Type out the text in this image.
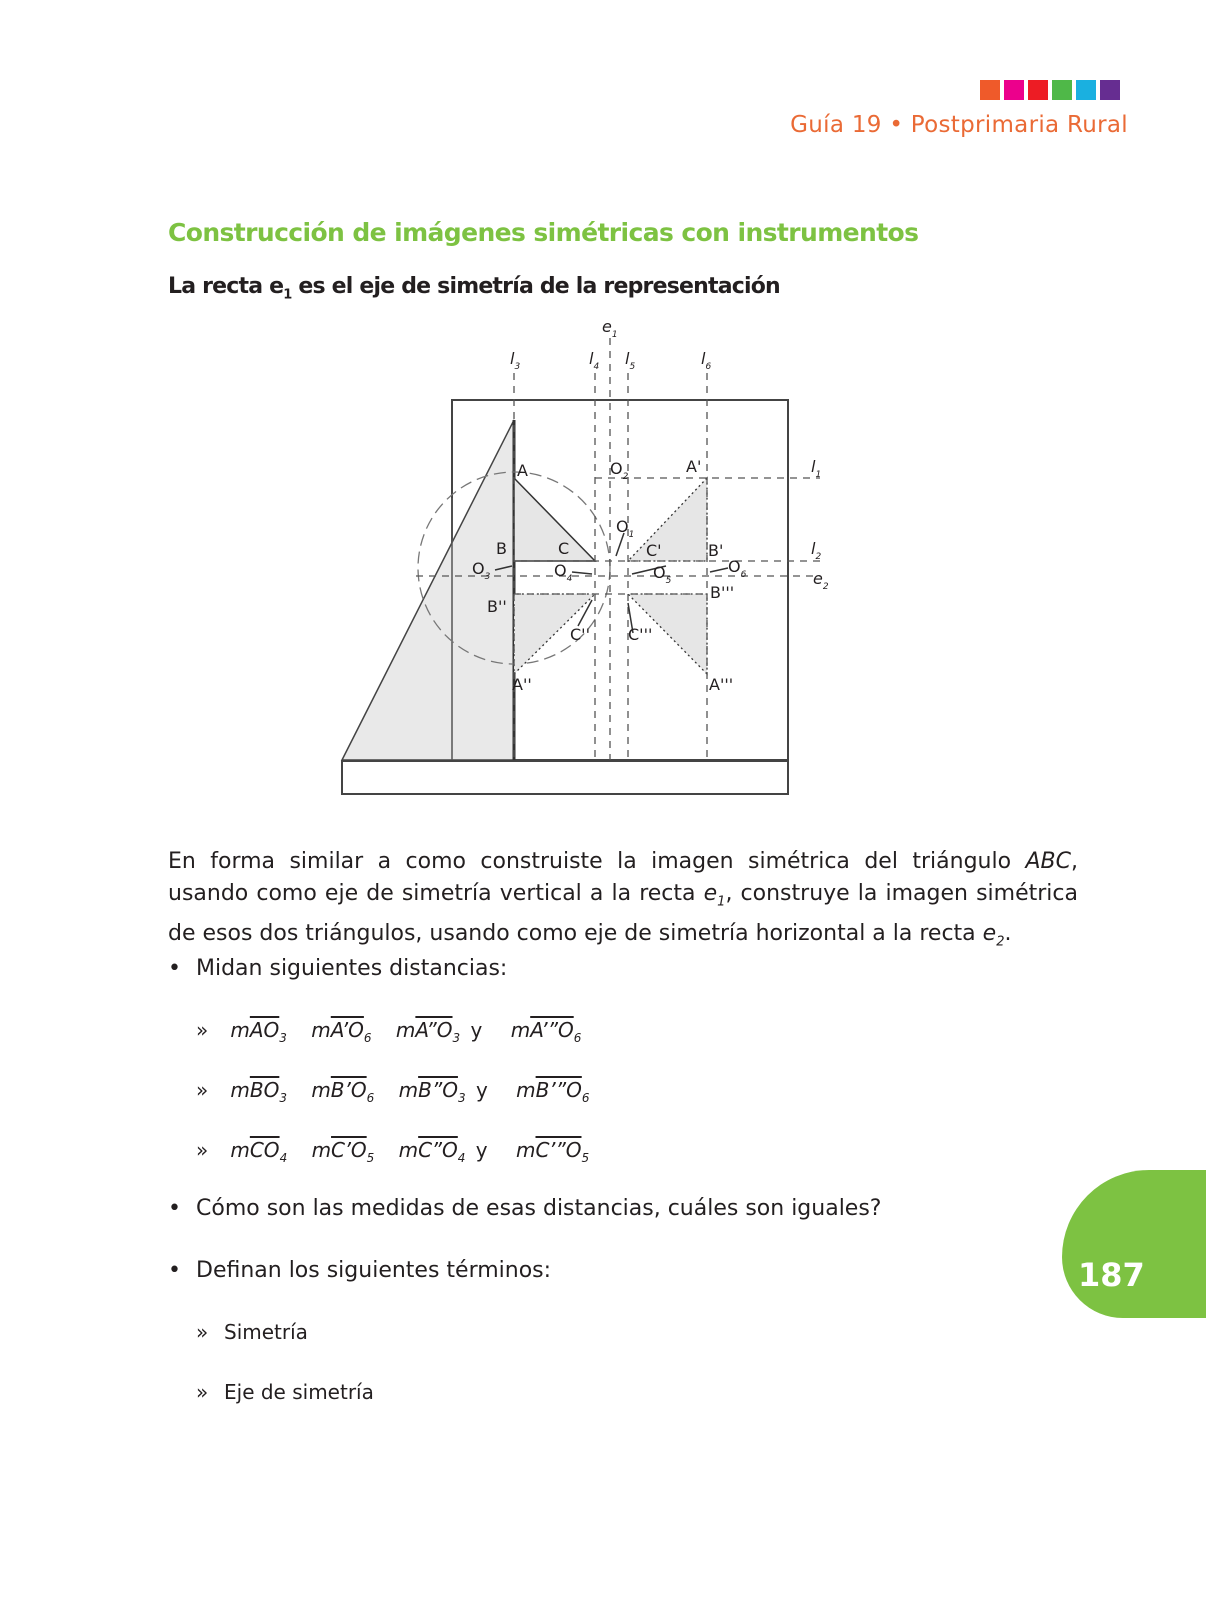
Guía 19 • Postprimaria Rural
Construcción de imágenes simétricas con instrumentos
La recta $e_1$ es el eje de simetría de la representación
A
B	C
A'
B'
C'
B''
C''
A''
B'''
C'''
A'''
$O_2$
$O_1$
$O_3$	$O_4$	$O_5$
$O_6$
$e_1$
$l_3$	$l_4$ $l_5$	$l_6$
$l_1$
$l_2$
$e_2$
En forma similar a como construiste la imagen simétrica del triángulo ABC, usando como eje de simetría vertical a la recta $e_1$, construye la imagen simétrica de esos dos triángulos, usando como eje de simetría horizontal a la recta $e_2$.
• Midan siguientes distancias:
» $m\overline{AO}_3$ $mA’O_6$ $mA”O_3$ y $mA’”O_6$
» $m\overline{BO}_3$ $mB’O_6$ $mB”O_3$ y $mB’”O_6$
» $m\overline{CO}_4$ $mC’O_5$ $mC”O_4$ y $mC’”O_5$
• Cómo son las medidas de esas distancias, cuáles son iguales?
• Definan los siguientes términos:
» Simetría
» Eje de simetría
187
